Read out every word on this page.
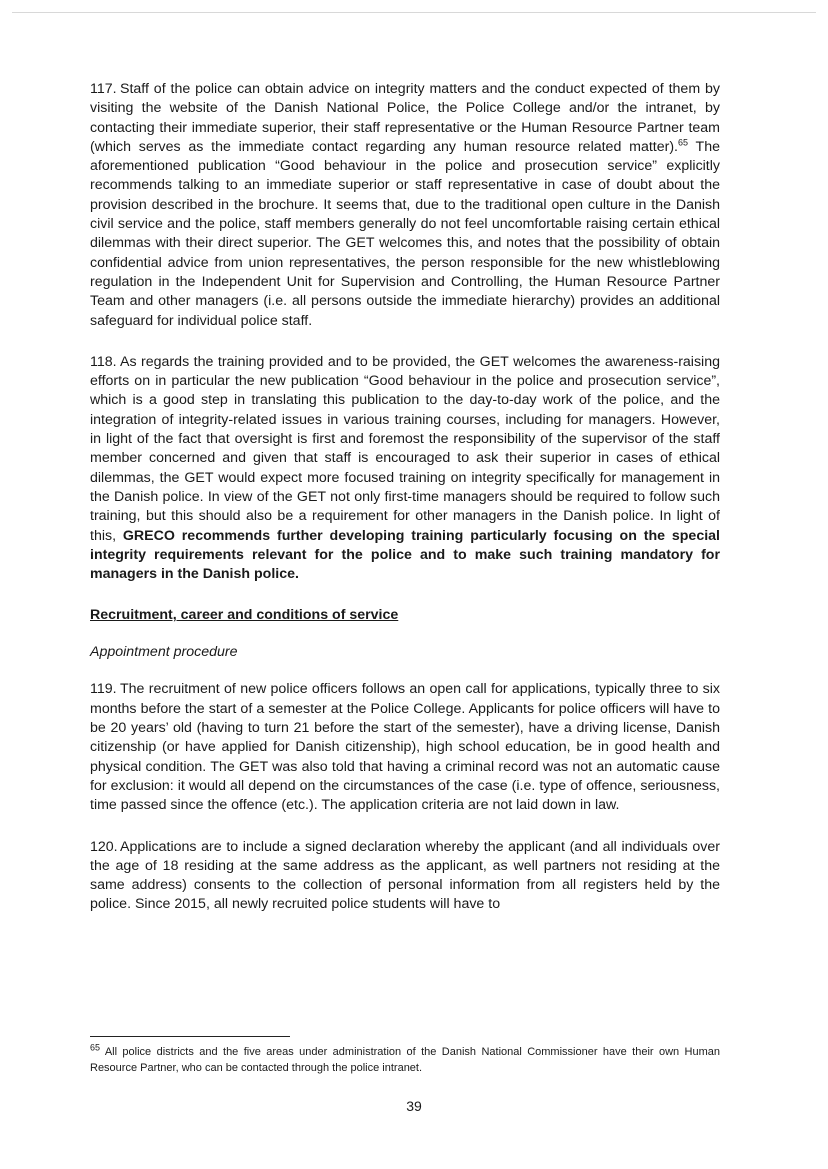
117. Staff of the police can obtain advice on integrity matters and the conduct expected of them by visiting the website of the Danish National Police, the Police College and/or the intranet, by contacting their immediate superior, their staff representative or the Human Resource Partner team (which serves as the immediate contact regarding any human resource related matter).$^{65}$ The aforementioned publication “Good behaviour in the police and prosecution service” explicitly recommends talking to an immediate superior or staff representative in case of doubt about the provision described in the brochure. It seems that, due to the traditional open culture in the Danish civil service and the police, staff members generally do not feel uncomfortable raising certain ethical dilemmas with their direct superior. The GET welcomes this, and notes that the possibility of obtain confidential advice from union representatives, the person responsible for the new whistleblowing regulation in the Independent Unit for Supervision and Controlling, the Human Resource Partner Team and other managers (i.e. all persons outside the immediate hierarchy) provides an additional safeguard for individual police staff.

118. As regards the training provided and to be provided, the GET welcomes the awareness-raising efforts on in particular the new publication “Good behaviour in the police and prosecution service”, which is a good step in translating this publication to the day-to-day work of the police, and the integration of integrity-related issues in various training courses, including for managers. However, in light of the fact that oversight is first and foremost the responsibility of the supervisor of the staff member concerned and given that staff is encouraged to ask their superior in cases of ethical dilemmas, the GET would expect more focused training on integrity specifically for management in the Danish police. In view of the GET not only first-time managers should be required to follow such training, but this should also be a requirement for other managers in the Danish police. In light of this, GRECO recommends further developing training particularly focusing on the special integrity requirements relevant for the police and to make such training mandatory for managers in the Danish police.

Recruitment, career and conditions of service
Appointment procedure

119. The recruitment of new police officers follows an open call for applications, typically three to six months before the start of a semester at the Police College. Applicants for police officers will have to be 20 years’ old (having to turn 21 before the start of the semester), have a driving license, Danish citizenship (or have applied for Danish citizenship), high school education, be in good health and physical condition. The GET was also told that having a criminal record was not an automatic cause for exclusion: it would all depend on the circumstances of the case (i.e. type of offence, seriousness, time passed since the offence (etc.). The application criteria are not laid down in law.

120. Applications are to include a signed declaration whereby the applicant (and all individuals over the age of 18 residing at the same address as the applicant, as well partners not residing at the same address) consents to the collection of personal information from all registers held by the police. Since 2015, all newly recruited police students will have to

$^{65}$ All police districts and the five areas under administration of the Danish National Commissioner have their own Human Resource Partner, who can be contacted through the police intranet.
39
